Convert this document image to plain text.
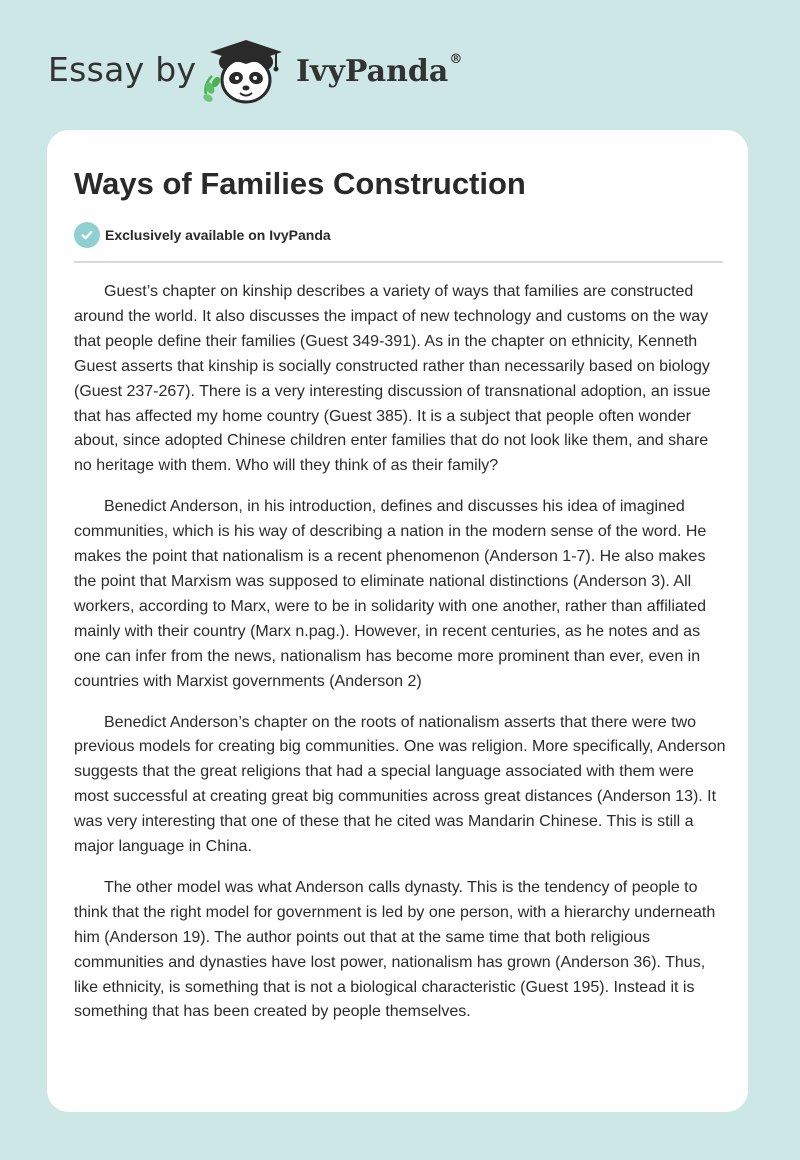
Essay by	IvyPanda®
Ways of Families Construction
Exclusively available on IvyPanda

Guest’s chapter on kinship describes a variety of ways that families are constructed around the world. It also discusses the impact of new technology and customs on the way that people define their families (Guest 349-391). As in the chapter on ethnicity, Kenneth Guest asserts that kinship is socially constructed rather than necessarily based on biology (Guest 237-267). There is a very interesting discussion of transnational adoption, an issue that has affected my home country (Guest 385). It is a subject that people often wonder about, since adopted Chinese children enter families that do not look like them, and share no heritage with them. Who will they think of as their family?

Benedict Anderson, in his introduction, defines and discusses his idea of imagined communities, which is his way of describing a nation in the modern sense of the word. He makes the point that nationalism is a recent phenomenon (Anderson 1-7). He also makes the point that Marxism was supposed to eliminate national distinctions (Anderson 3). All workers, according to Marx, were to be in solidarity with one another, rather than affiliated mainly with their country (Marx n.pag.). However, in recent centuries, as he notes and as one can infer from the news, nationalism has become more prominent than ever, even in countries with Marxist governments (Anderson 2)

Benedict Anderson’s chapter on the roots of nationalism asserts that there were two previous models for creating big communities. One was religion. More specifically, Anderson suggests that the great religions that had a special language associated with them were most successful at creating great big communities across great distances (Anderson 13). It was very interesting that one of these that he cited was Mandarin Chinese. This is still a major language in China.

The other model was what Anderson calls dynasty. This is the tendency of people to think that the right model for government is led by one person, with a hierarchy underneath him (Anderson 19). The author points out that at the same time that both religious communities and dynasties have lost power, nationalism has grown (Anderson 36). Thus, like ethnicity, is something that is not a biological characteristic (Guest 195). Instead it is something that has been created by people themselves.
